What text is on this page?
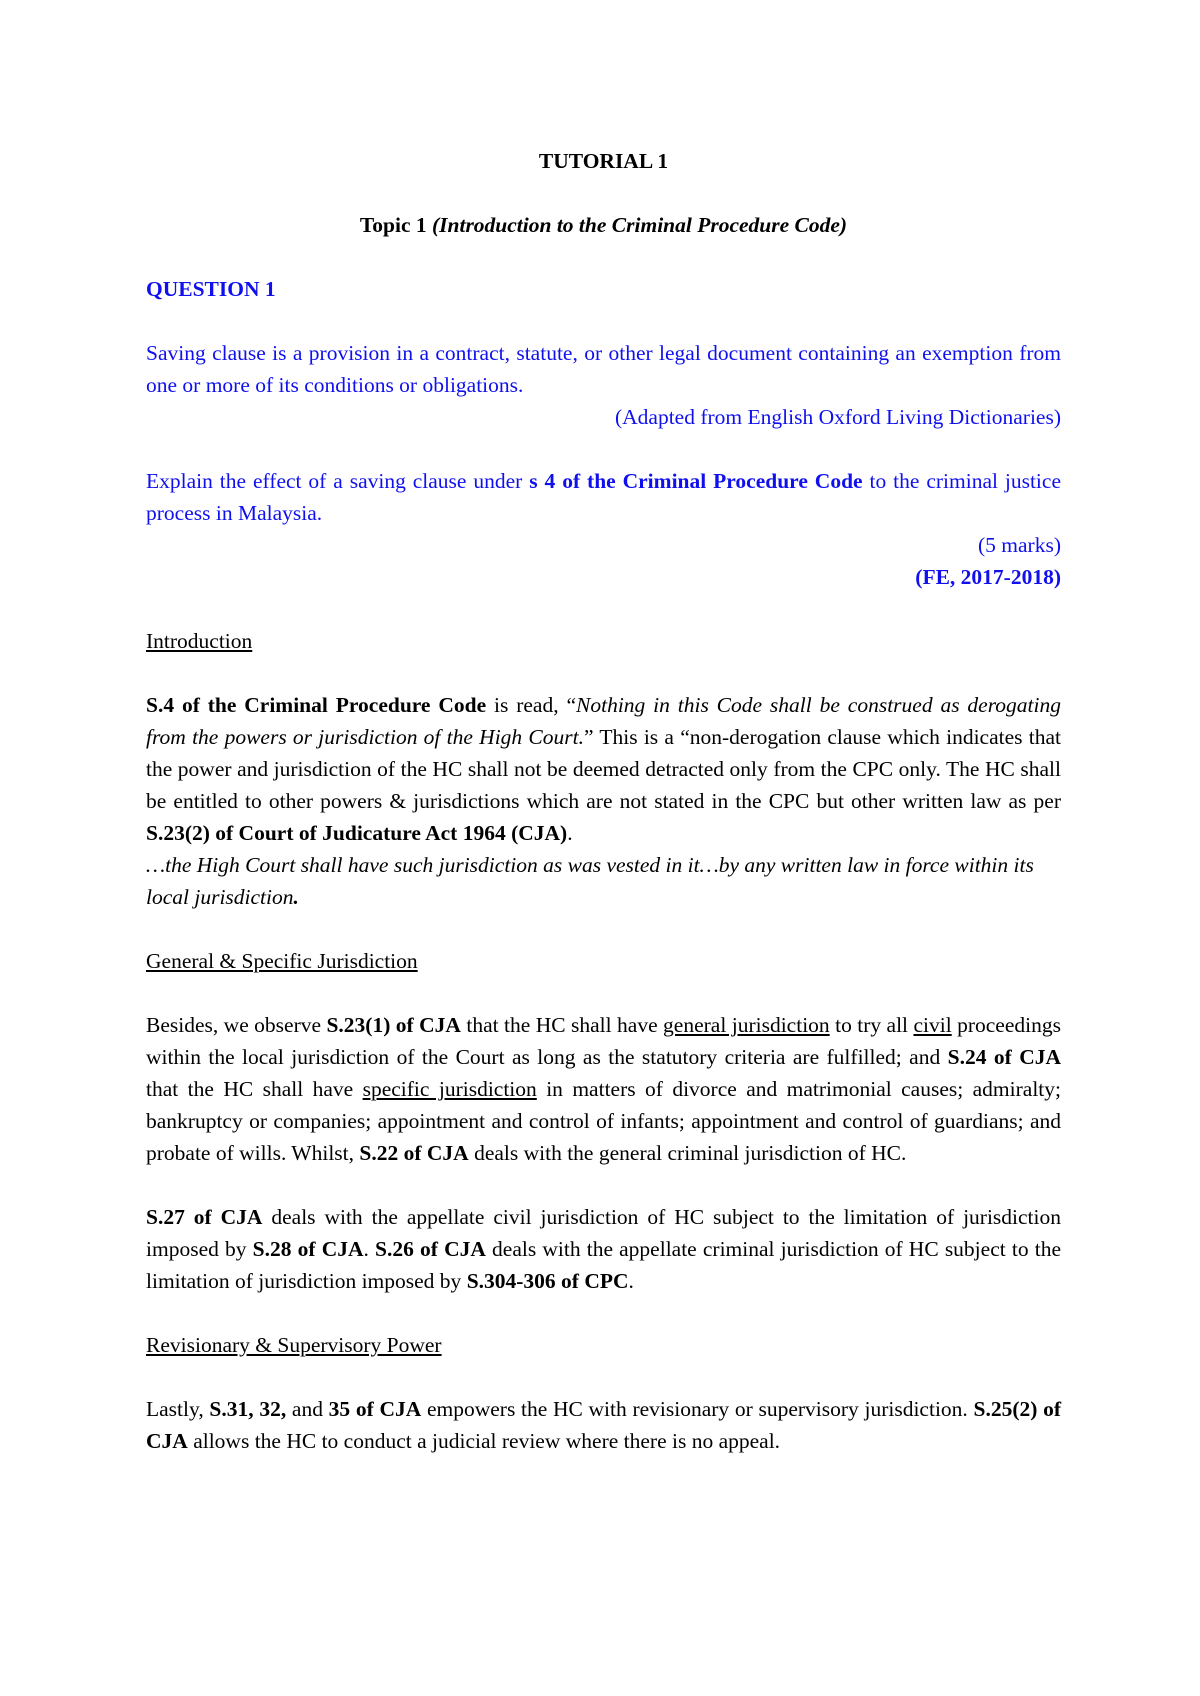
TUTORIAL 1

Topic 1 (Introduction to the Criminal Procedure Code)

QUESTION 1

Saving clause is a provision in a contract, statute, or other legal document containing an exemption from one or more of its conditions or obligations.

(Adapted from English Oxford Living Dictionaries)

Explain the effect of a saving clause under s 4 of the Criminal Procedure Code to the criminal justice process in Malaysia.

(5 marks)

(FE, 2017-2018)

Introduction

S.4 of the Criminal Procedure Code is read, “Nothing in this Code shall be construed as derogating from the powers or jurisdiction of the High Court.” This is a “non-derogation clause which indicates that the power and jurisdiction of the HC shall not be deemed detracted only from the CPC only. The HC shall be entitled to other powers & jurisdictions which are not stated in the CPC but other written law as per S.23(2) of Court of Judicature Act 1964 (CJA).

…the High Court shall have such jurisdiction as was vested in it…by any written law in force within its local jurisdiction.

General & Specific Jurisdiction

Besides, we observe S.23(1) of CJA that the HC shall have general jurisdiction to try all civil proceedings within the local jurisdiction of the Court as long as the statutory criteria are fulfilled; and S.24 of CJA that the HC shall have specific jurisdiction in matters of divorce and matrimonial causes; admiralty; bankruptcy or companies; appointment and control of infants; appointment and control of guardians; and probate of wills. Whilst, S.22 of CJA deals with the general criminal jurisdiction of HC.

S.27 of CJA deals with the appellate civil jurisdiction of HC subject to the limitation of jurisdiction imposed by S.28 of CJA. S.26 of CJA deals with the appellate criminal jurisdiction of HC subject to the limitation of jurisdiction imposed by S.304-306 of CPC.

Revisionary & Supervisory Power

Lastly, S.31, 32, and 35 of CJA empowers the HC with revisionary or supervisory jurisdiction. S.25(2) of CJA allows the HC to conduct a judicial review where there is no appeal.
